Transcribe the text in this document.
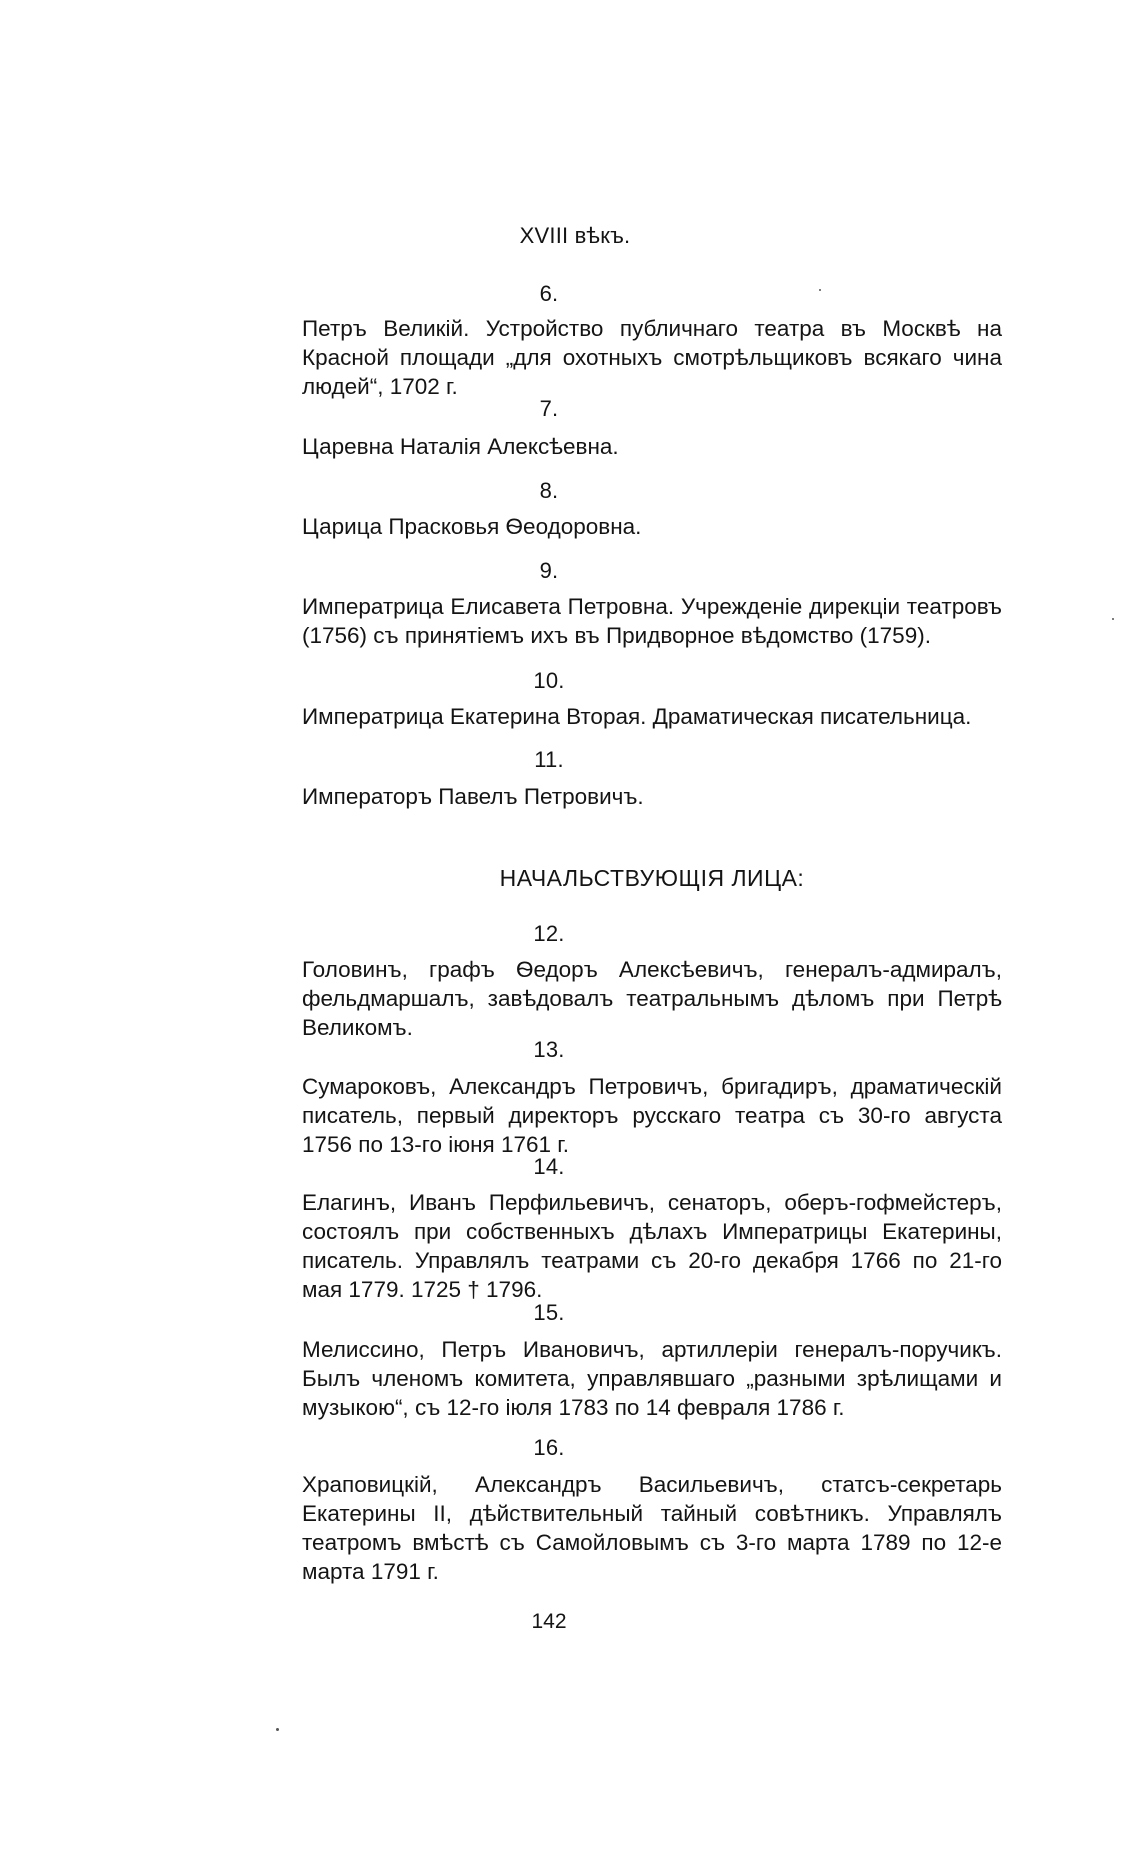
XVIII вѣкъ.
6.
Петръ Великій. Устройство публичнаго театра въ Москвѣ на Красной площади „для охотныхъ смотрѣльщиковъ всякаго чина людей“, 1702 г.
7.
Царевна Наталія Алексѣевна.
8.
Царица Прасковья Ѳеодоровна.
9.
Императрица Елисавета Петровна. Учрежденіе дирекціи театровъ (1756) съ принятіемъ ихъ въ Придворное вѣдомство (1759).
10.
Императрица Екатерина Вторая. Драматическая писательница.
11.
Императоръ Павелъ Петровичъ.
НАЧАЛЬСТВУЮЩІЯ ЛИЦА:
12.
Головинъ, графъ Ѳедоръ Алексѣевичъ, генералъ-адмиралъ, фельдмаршалъ, завѣдовалъ театральнымъ дѣломъ при Петрѣ Великомъ.
13.
Сумароковъ, Александръ Петровичъ, бригадиръ, драматическій писатель, первый директоръ русскаго театра съ 30-го августа 1756 по 13-го іюня 1761 г.
14.
Елагинъ, Иванъ Перфильевичъ, сенаторъ, оберъ-гофмейстеръ, состоялъ при собственныхъ дѣлахъ Императрицы Екатерины, писатель. Управлялъ театрами съ 20-го декабря 1766 по 21-го мая 1779. 1725 † 1796.
15.
Мелиссино, Петръ Ивановичъ, артиллеріи генералъ-поручикъ. Былъ членомъ комитета, управлявшаго „разными зрѣлищами и музыкою“, съ 12-го іюля 1783 по 14 февраля 1786 г.
16.
Храповицкій, Александръ Васильевичъ, статсъ-секретарь Екатерины II, дѣйствительный тайный совѣтникъ. Управлялъ театромъ вмѣстѣ съ Самойловымъ съ 3-го марта 1789 по 12-е марта 1791 г.
142
